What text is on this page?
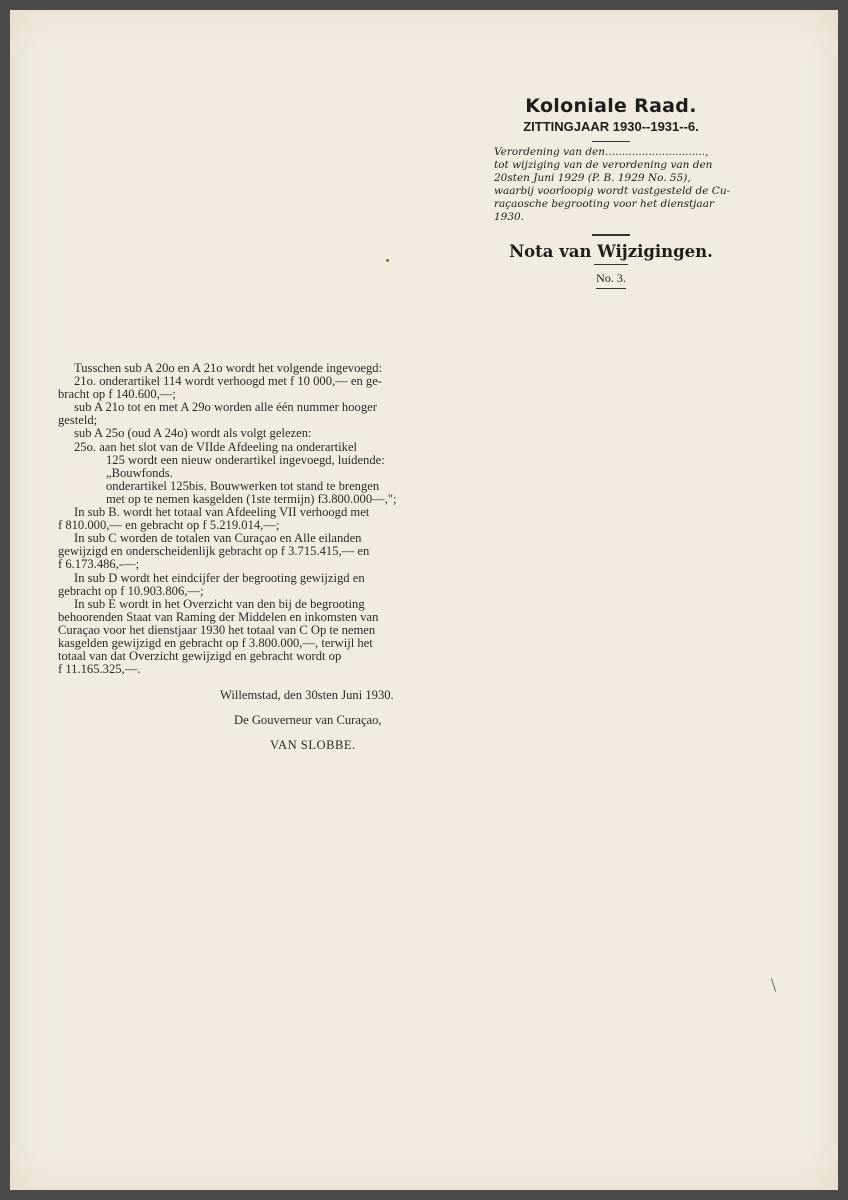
Koloniale Raad.
ZITTINGJAAR 1930--1931--6.
Verordening van den..............................,
tot wijziging van de verordening van den
20sten Juni 1929 (P. B. 1929 No. 55),
waarbij voorloopig wordt vastgesteld de Cu-
raçaosche begrooting voor het dienstjaar
1930.
Nota van Wijzigingen.
No. 3.
Tusschen sub A 20o en A 21o wordt het volgende ingevoegd:
21o. onderartikel 114 wordt verhoogd met f 10 000,— en ge-
bracht op f 140.600,—;
sub A 21o tot en met A 29o worden alle één nummer hooger
gesteld;
sub A 25o (oud A 24o) wordt als volgt gelezen:
25o. aan het slot van de VIIde Afdeeling na onderartikel
125 wordt een nieuw onderartikel ingevoegd, luidende:
„Bouwfonds.
onderartikel 125bis. Bouwwerken tot stand te brengen
met op te nemen kasgelden (1ste termijn) f3.800.000—,";
In sub B. wordt het totaal van Afdeeling VII verhoogd met
f 810.000,— en gebracht op f 5.219.014,—;
In sub C worden de totalen van Curaçao en Alle eilanden
gewijzigd en onderscheidenlijk gebracht op f 3.715.415,— en
f 6.173.486,-—;
In sub D wordt het eindcijfer der begrooting gewijzigd en
gebracht op f 10.903.806,—;
In sub E wordt in het Overzicht van den bij de begrooting
behoorenden Staat van Raming der Middelen en inkomsten van
Curaçao voor het dienstjaar 1930 het totaal van C Op te nemen
kasgelden gewijzigd en gebracht op f 3.800.000,—, terwijl het
totaal van dat Overzicht gewijzigd en gebracht wordt op
f 11.165.325,—.
Willemstad, den 30sten Juni 1930.
De Gouverneur van Curaçao,
VAN SLOBBE.
